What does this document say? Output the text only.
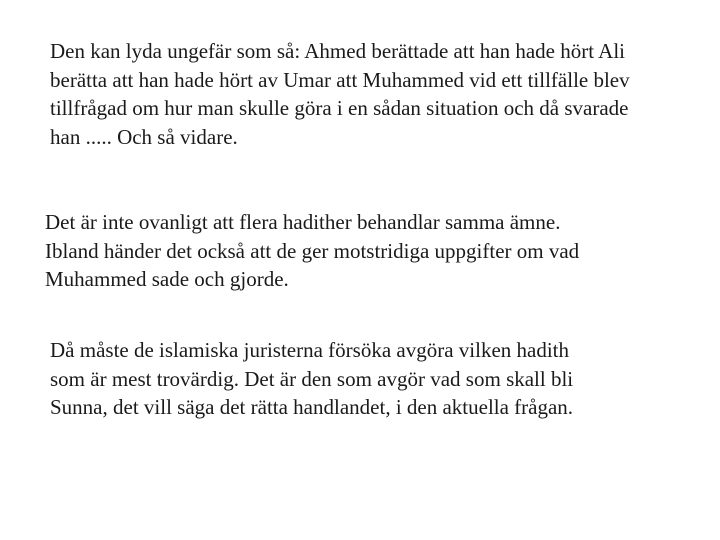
Den kan lyda ungefär som så: Ahmed berättade att han hade hört Ali
berätta att han hade hört av Umar att Muhammed vid ett tillfälle blev
tillfrågad om hur man skulle göra i en sådan situation och då svarade
han ..... Och så vidare.

Det är inte ovanligt att flera hadither behandlar samma ämne.
Ibland händer det också att de ger motstridiga uppgifter om vad
Muhammed sade och gjorde.

Då måste de islamiska juristerna försöka avgöra vilken hadith
som är mest trovärdig. Det är den som avgör vad som skall bli
Sunna, det vill säga det rätta handlandet, i den aktuella frågan.
